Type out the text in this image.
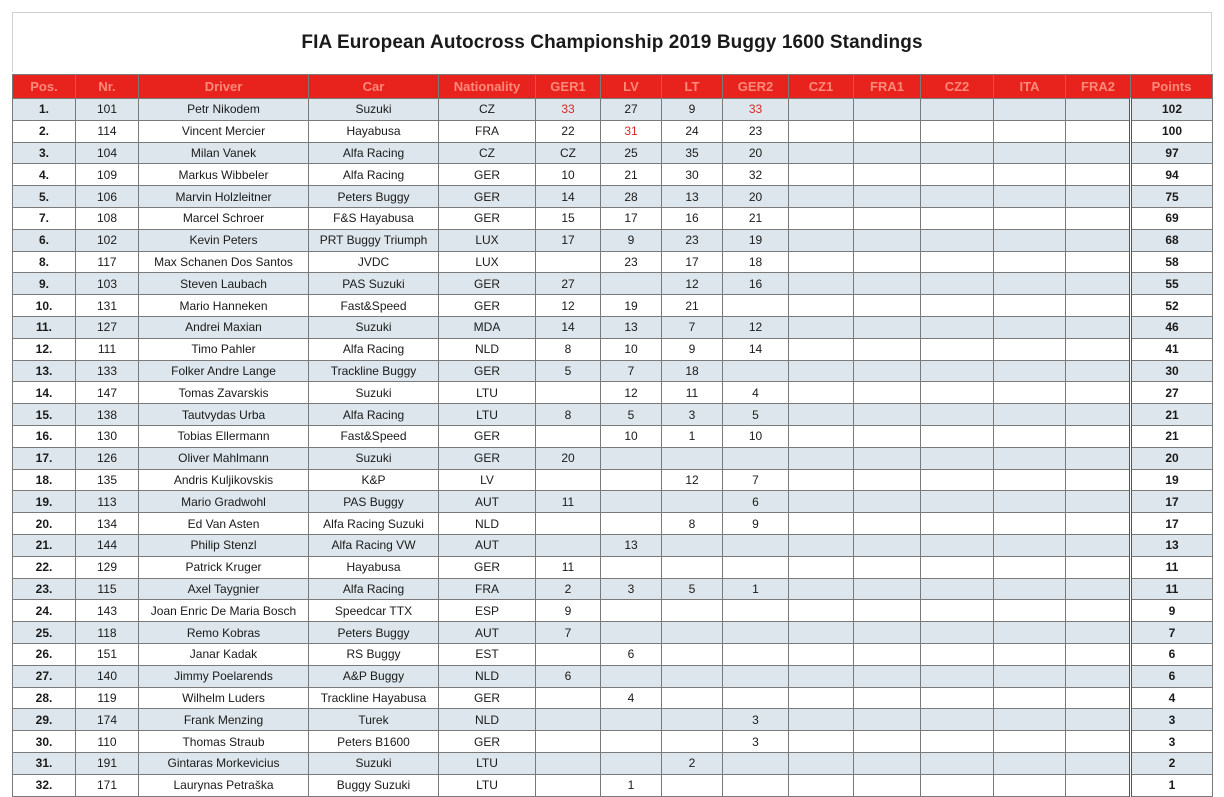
FIA European Autocross Championship 2019 Buggy 1600 Standings
Pos.	Nr.	Driver	Car	Nationality	GER1	LV	LT	GER2	CZ1	FRA1	CZ2	ITA	FRA2	Points
1.	101	Petr Nikodem	Suzuki	CZ	33	27	9	33						102
2.	114	Vincent Mercier	Hayabusa	FRA	22	31	24	23						100
3.	104	Milan Vanek	Alfa Racing	CZ	CZ	25	35	20						97
4.	109	Markus Wibbeler	Alfa Racing	GER	10	21	30	32						94
5.	106	Marvin Holzleitner	Peters Buggy	GER	14	28	13	20						75
7.	108	Marcel Schroer	F&S Hayabusa	GER	15	17	16	21						69
6.	102	Kevin Peters	PRT Buggy Triumph	LUX	17	9	23	19						68
8.	117	Max Schanen Dos Santos	JVDC	LUX		23	17	18						58
9.	103	Steven Laubach	PAS Suzuki	GER	27		12	16						55
10.	131	Mario Hanneken	Fast&Speed	GER	12	19	21							52
11.	127	Andrei Maxian	Suzuki	MDA	14	13	7	12						46
12.	111	Timo Pahler	Alfa Racing	NLD	8	10	9	14						41
13.	133	Folker Andre Lange	Trackline Buggy	GER	5	7	18							30
14.	147	Tomas Zavarskis	Suzuki	LTU		12	11	4						27
15.	138	Tautvydas Urba	Alfa Racing	LTU	8	5	3	5						21
16.	130	Tobias Ellermann	Fast&Speed	GER		10	1	10						21
17.	126	Oliver Mahlmann	Suzuki	GER	20									20
18.	135	Andris Kuljikovskis	K&P	LV			12	7						19
19.	113	Mario Gradwohl	PAS Buggy	AUT	11			6						17
20.	134	Ed Van Asten	Alfa Racing Suzuki	NLD			8	9						17
21.	144	Philip Stenzl	Alfa Racing VW	AUT		13								13
22.	129	Patrick Kruger	Hayabusa	GER	11									11
23.	115	Axel Taygnier	Alfa Racing	FRA	2	3	5	1						11
24.	143	Joan Enric De Maria Bosch	Speedcar TTX	ESP	9									9
25.	118	Remo Kobras	Peters Buggy	AUT	7									7
26.	151	Janar Kadak	RS Buggy	EST		6								6
27.	140	Jimmy Poelarends	A&P Buggy	NLD	6									6
28.	119	Wilhelm Luders	Trackline Hayabusa	GER		4								4
29.	174	Frank Menzing	Turek	NLD				3						3
30.	110	Thomas Straub	Peters B1600	GER				3						3
31.	191	Gintaras Morkevicius	Suzuki	LTU			2							2
32.	171	Laurynas Petraška	Buggy Suzuki	LTU		1								1
